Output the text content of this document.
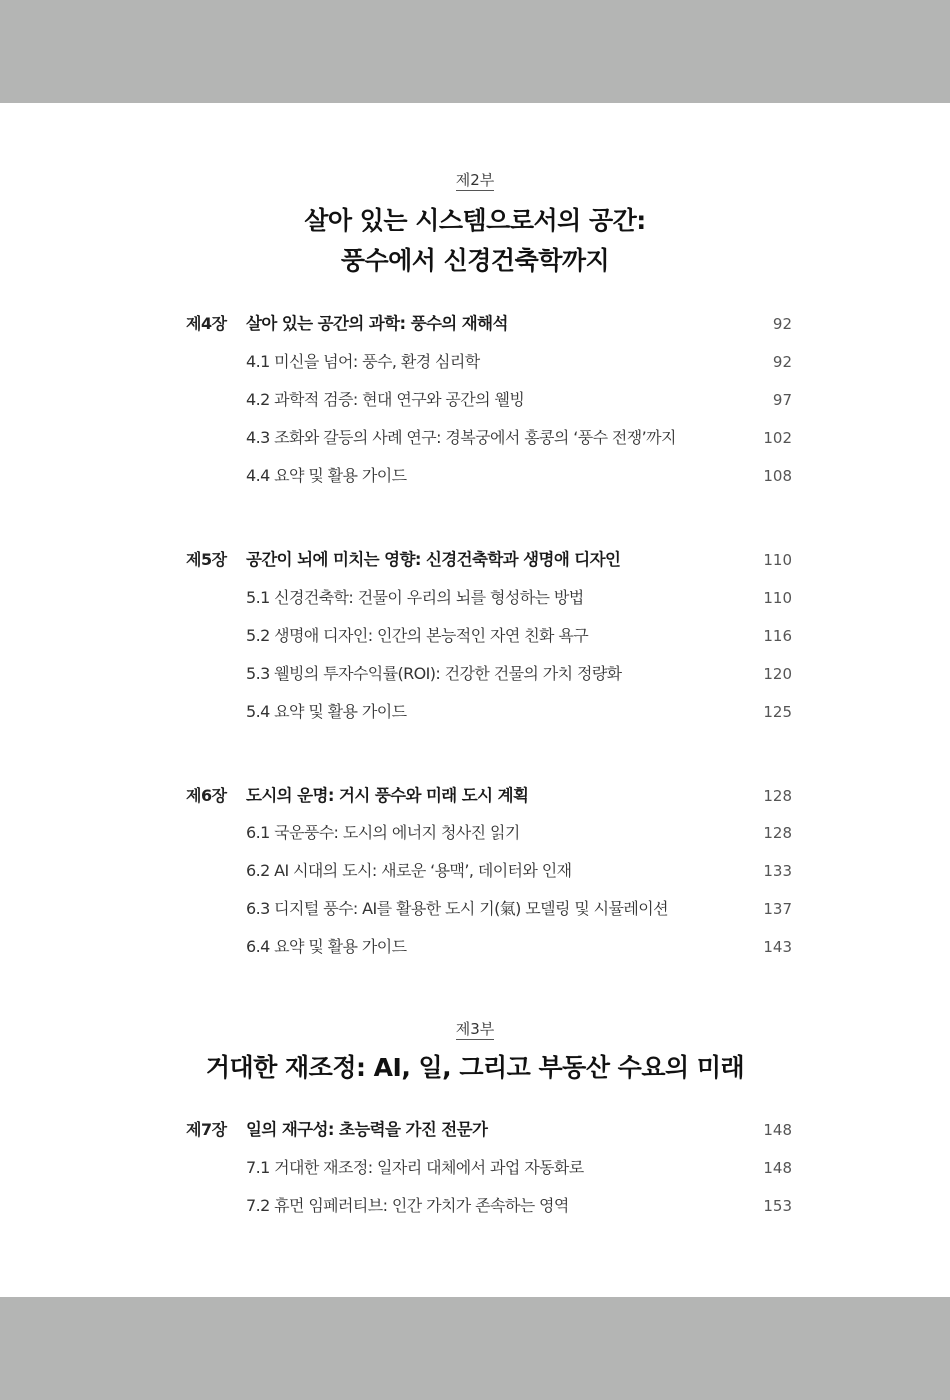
제2부
살아 있는 시스템으로서의 공간:
풍수에서 신경건축학까지
제4장 살아 있는 공간의 과학: 풍수의 재해석	92
4.1 미신을 넘어: 풍수, 환경 심리학	92
4.2 과학적 검증: 현대 연구와 공간의 웰빙	97
4.3 조화와 갈등의 사례 연구: 경복궁에서 홍콩의 ‘풍수 전쟁’까지	102
4.4 요약 및 활용 가이드	108
제5장 공간이 뇌에 미치는 영향: 신경건축학과 생명애 디자인	110
5.1 신경건축학: 건물이 우리의 뇌를 형성하는 방법	110
5.2 생명애 디자인: 인간의 본능적인 자연 친화 욕구	116
5.3 웰빙의 투자수익률(ROI): 건강한 건물의 가치 정량화	120
5.4 요약 및 활용 가이드	125
제6장 도시의 운명: 거시 풍수와 미래 도시 계획	128
6.1 국운풍수: 도시의 에너지 청사진 읽기	128
6.2 AI 시대의 도시: 새로운 ‘용맥’, 데이터와 인재	133
6.3 디지털 풍수: AI를 활용한 도시 기(氣) 모델링 및 시뮬레이션	137
6.4 요약 및 활용 가이드	143
제3부
거대한 재조정: AI, 일, 그리고 부동산 수요의 미래
제7장 일의 재구성: 초능력을 가진 전문가	148
7.1 거대한 재조정: 일자리 대체에서 과업 자동화로	148
7.2 휴먼 임페러티브: 인간 가치가 존속하는 영역	153
